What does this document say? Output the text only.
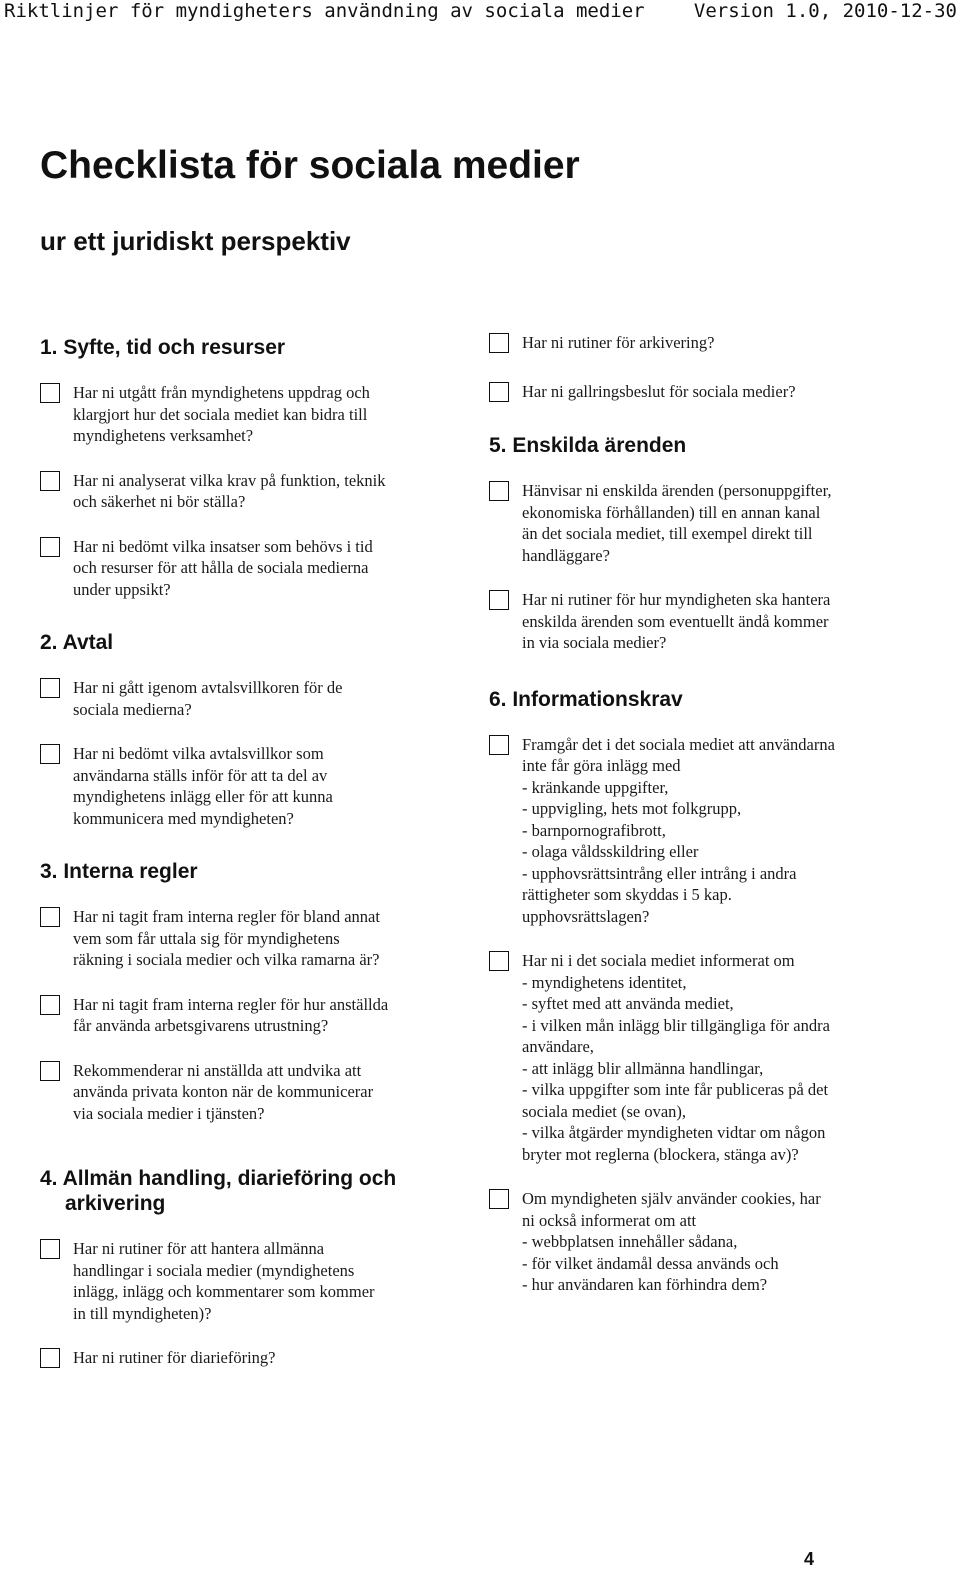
Riktlinjer för myndigheters användning av sociala medier	Version 1.0, 2010-12-30
Checklista för sociala medier
ur ett juridiskt perspektiv
1. Syfte, tid och resurser
Har ni utgått från myndighetens uppdrag och
klargjort hur det sociala mediet kan bidra till
myndighetens verksamhet?
Har ni analyserat vilka krav på funktion, teknik
och säkerhet ni bör ställa?
Har ni bedömt vilka insatser som behövs i tid
och resurser för att hålla de sociala medierna
under uppsikt?
2. Avtal
Har ni gått igenom avtalsvillkoren för de
sociala medierna?
Har ni bedömt vilka avtalsvillkor som
användarna ställs inför för att ta del av
myndighetens inlägg eller för att kunna
kommunicera med myndigheten?
3. Interna regler
Har ni tagit fram interna regler för bland annat
vem som får uttala sig för myndighetens
räkning i sociala medier och vilka ramarna är?
Har ni tagit fram interna regler för hur anställda
får använda arbetsgivarens utrustning?
Rekommenderar ni anställda att undvika att
använda privata konton när de kommunicerar
via sociala medier i tjänsten?
4. Allmän handling, diarieföring och arkivering
Har ni rutiner för att hantera allmänna
handlingar i sociala medier (myndighetens
inlägg, inlägg och kommentarer som kommer
in till myndigheten)?
Har ni rutiner för diarieföring?
Har ni rutiner för arkivering?
Har ni gallringsbeslut för sociala medier?
5. Enskilda ärenden
Hänvisar ni enskilda ärenden (personuppgifter,
ekonomiska förhållanden) till en annan kanal
än det sociala mediet, till exempel direkt till
handläggare?
Har ni rutiner för hur myndigheten ska hantera
enskilda ärenden som eventuellt ändå kommer
in via sociala medier?
6. Informationskrav
Framgår det i det sociala mediet att användarna
inte får göra inlägg med
- kränkande uppgifter,
- uppvigling, hets mot folkgrupp,
- barnpornografibrott,
- olaga våldsskildring eller
- upphovsrättsintrång eller intrång i andra
rättigheter som skyddas i 5 kap.
upphovsrättslagen?
Har ni i det sociala mediet informerat om
- myndighetens identitet,
- syftet med att använda mediet,
- i vilken mån inlägg blir tillgängliga för andra
användare,
- att inlägg blir allmänna handlingar,
- vilka uppgifter som inte får publiceras på det
sociala mediet (se ovan),
- vilka åtgärder myndigheten vidtar om någon
bryter mot reglerna (blockera, stänga av)?
Om myndigheten själv använder cookies, har
ni också informerat om att
- webbplatsen innehåller sådana,
- för vilket ändamål dessa används och
- hur användaren kan förhindra dem?
4
